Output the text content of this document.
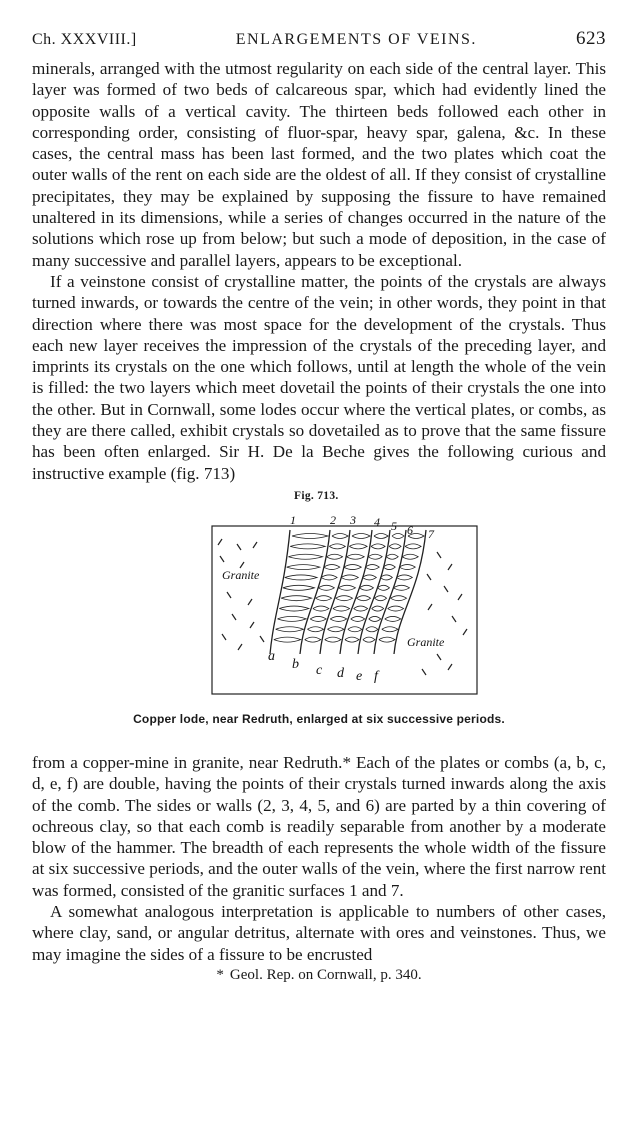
Ch. XXXVIII.]	ENLARGEMENTS OF VEINS.	623

minerals, arranged with the utmost regularity on each side of the central layer. This layer was formed of two beds of calcareous spar, which had evidently lined the opposite walls of a vertical cavity. The thirteen beds followed each other in corresponding order, consisting of fluor-spar, heavy spar, galena, &c. In these cases, the central mass has been last formed, and the two plates which coat the outer walls of the rent on each side are the oldest of all. If they consist of crystalline precipitates, they may be explained by supposing the fissure to have remained unaltered in its dimensions, while a series of changes occurred in the nature of the solutions which rose up from below; but such a mode of deposition, in the case of many successive and parallel layers, appears to be exceptional.

If a veinstone consist of crystalline matter, the points of the crystals are always turned inwards, or towards the centre of the vein; in other words, they point in that direction where there was most space for the development of the crystals. Thus each new layer receives the impression of the crystals of the preceding layer, and imprints its crystals on the one which follows, until at length the whole of the vein is filled: the two layers which meet dovetail the points of their crystals the one into the other. But in Cornwall, some lodes occur where the vertical plates, or combs, as they are there called, exhibit crystals so dovetailed as to prove that the same fissure has been often enlarged. Sir H. De la Beche gives the following curious and instructive example (fig. 713)

Fig. 713.
1	2 3 4 5 6 7
a
b c d e f
Granite
Granite
Copper lode, near Redruth, enlarged at six successive periods.

from a copper-mine in granite, near Redruth.* Each of the plates or combs (a, b, c, d, e, f) are double, having the points of their crystals turned inwards along the axis of the comb. The sides or walls (2, 3, 4, 5, and 6) are parted by a thin covering of ochreous clay, so that each comb is readily separable from another by a moderate blow of the hammer. The breadth of each represents the whole width of the fissure at six successive periods, and the outer walls of the vein, where the first narrow rent was formed, consisted of the granitic surfaces 1 and 7.

A somewhat analogous interpretation is applicable to numbers of other cases, where clay, sand, or angular detritus, alternate with ores and veinstones. Thus, we may imagine the sides of a fissure to be encrusted

* Geol. Rep. on Cornwall, p. 340.
